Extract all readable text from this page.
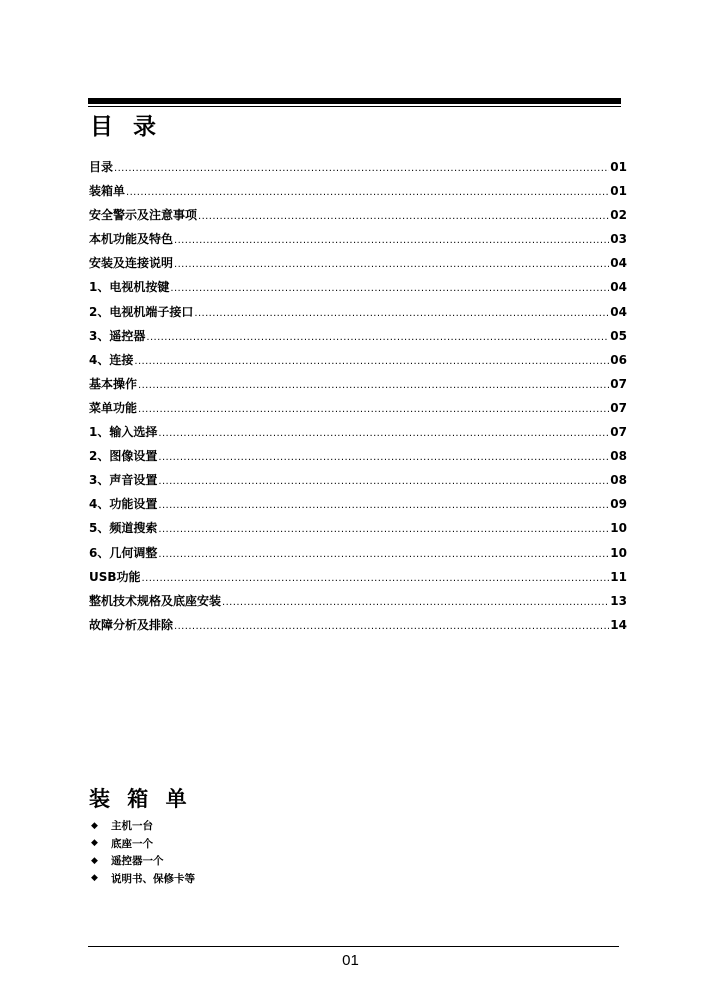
目 录
目录 .....	01
装箱单 .....	01
安全警示及注意事项 .....	02
本机功能及特色 .....	03
安装及连接说明 .....	04
1、电视机按键 .....	04
2、电视机端子接口 .....	04
3、遥控器 .....	05
4、连接 .....	06
基本操作 .....	07
菜单功能 .....	07
1、输入选择 .....	07
2、图像设置 .....	08
3、声音设置 .....	08
4、功能设置 .....	09
5、频道搜索 .....	10
6、几何调整 .....	10
USB功能 .....	11
整机技术规格及底座安装 .....	13
故障分析及排除 .....	14
装 箱 单
◆ 主机一台
◆ 底座一个
◆ 遥控器一个
◆ 说明书、保修卡等
01
